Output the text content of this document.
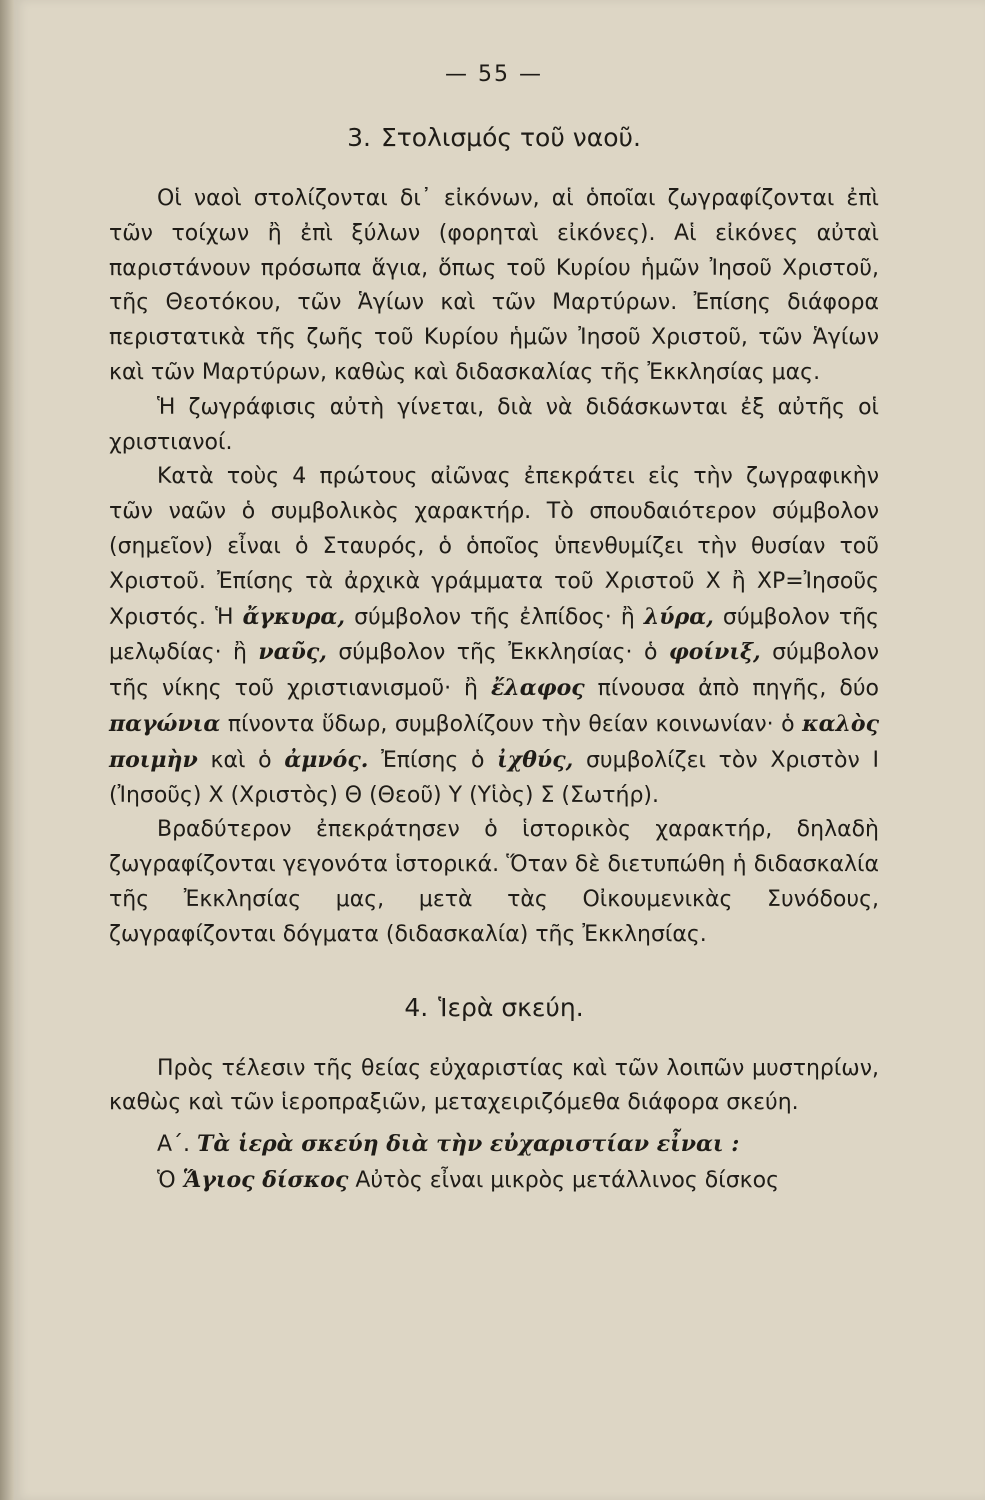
— 55 —
3. Στολισμός τοῦ ναοῦ.

Οἱ ναοὶ στολίζονται δι᾽ εἰκόνων, αἱ ὁποῖαι ζωγραφίζονται ἐπὶ τῶν τοίχων ἢ ἐπὶ ξύλων (φορηταὶ εἰκόνες). Αἱ εἰκόνες αὐταὶ παριστάνουν πρόσωπα ἅγια, ὅπως τοῦ Κυρίου ἡμῶν Ἰησοῦ Χριστοῦ, τῆς Θεοτόκου, τῶν Ἁγίων καὶ τῶν Μαρτύρων. Ἐπίσης διάφορα περιστατικὰ τῆς ζωῆς τοῦ Κυρίου ἡμῶν Ἰησοῦ Χριστοῦ, τῶν Ἁγίων καὶ τῶν Μαρτύρων, καθὼς καὶ διδασκαλίας τῆς Ἐκκλησίας μας.

Ἡ ζωγράφισις αὐτὴ γίνεται, διὰ νὰ διδάσκωνται ἐξ αὐτῆς οἱ χριστιανοί.

Κατὰ τοὺς 4 πρώτους αἰῶνας ἐπεκράτει εἰς τὴν ζωγραφικὴν τῶν ναῶν ὁ συμβολικὸς χαρακτήρ. Τὸ σπουδαιότερον σύμβολον (σημεῖον) εἶναι ὁ Σταυρός, ὁ ὁποῖος ὑπενθυμίζει τὴν θυσίαν τοῦ Χριστοῦ. Ἐπίσης τὰ ἀρχικὰ γράμματα τοῦ Χριστοῦ Χ ἢ ΧΡ=Ἰησοῦς Χριστός. Ἡ ἄγκυρα, σύμβολον τῆς ἐλπίδος· ἢ λύρα, σύμβολον τῆς μελῳδίας· ἢ ναῦς, σύμβολον τῆς Ἐκκλησίας· ὁ φοίνιξ, σύμβολον τῆς νίκης τοῦ χριστιανισμοῦ· ἢ ἔλαφος πίνουσα ἀπὸ πηγῆς, δύο παγώνια πίνοντα ὕδωρ, συμβολίζουν τὴν θείαν κοινωνίαν· ὁ καλὸς ποιμὴν καὶ ὁ ἀμνός. Ἐπίσης ὁ ἰχθύς, συμβολίζει τὸν Χριστὸν Ι (Ἰησοῦς) Χ (Χριστὸς) Θ (Θεοῦ) Υ (Υἱὸς) Σ (Σωτήρ).

Βραδύτερον ἐπεκράτησεν ὁ ἱστορικὸς χαρακτήρ, δηλαδὴ ζωγραφίζονται γεγονότα ἱστορικά. Ὅταν δὲ διετυπώθη ἡ διδασκαλία τῆς Ἐκκλησίας μας, μετὰ τὰς Οἰκουμενικὰς Συνόδους, ζωγραφίζονται δόγματα (διδασκαλία) τῆς Ἐκκλησίας.

4. Ἱερὰ σκεύη.

Πρὸς τέλεσιν τῆς θείας εὐχαριστίας καὶ τῶν λοιπῶν μυστηρίων, καθὼς καὶ τῶν ἱεροπραξιῶν, μεταχειριζόμεθα διάφορα σκεύη.

Α΄. Τὰ ἱερὰ σκεύη διὰ τὴν εὐχαριστίαν εἶναι :

Ὁ Ἅγιος δίσκος Αὐτὸς εἶναι μικρὸς μετάλλινος δίσκος
